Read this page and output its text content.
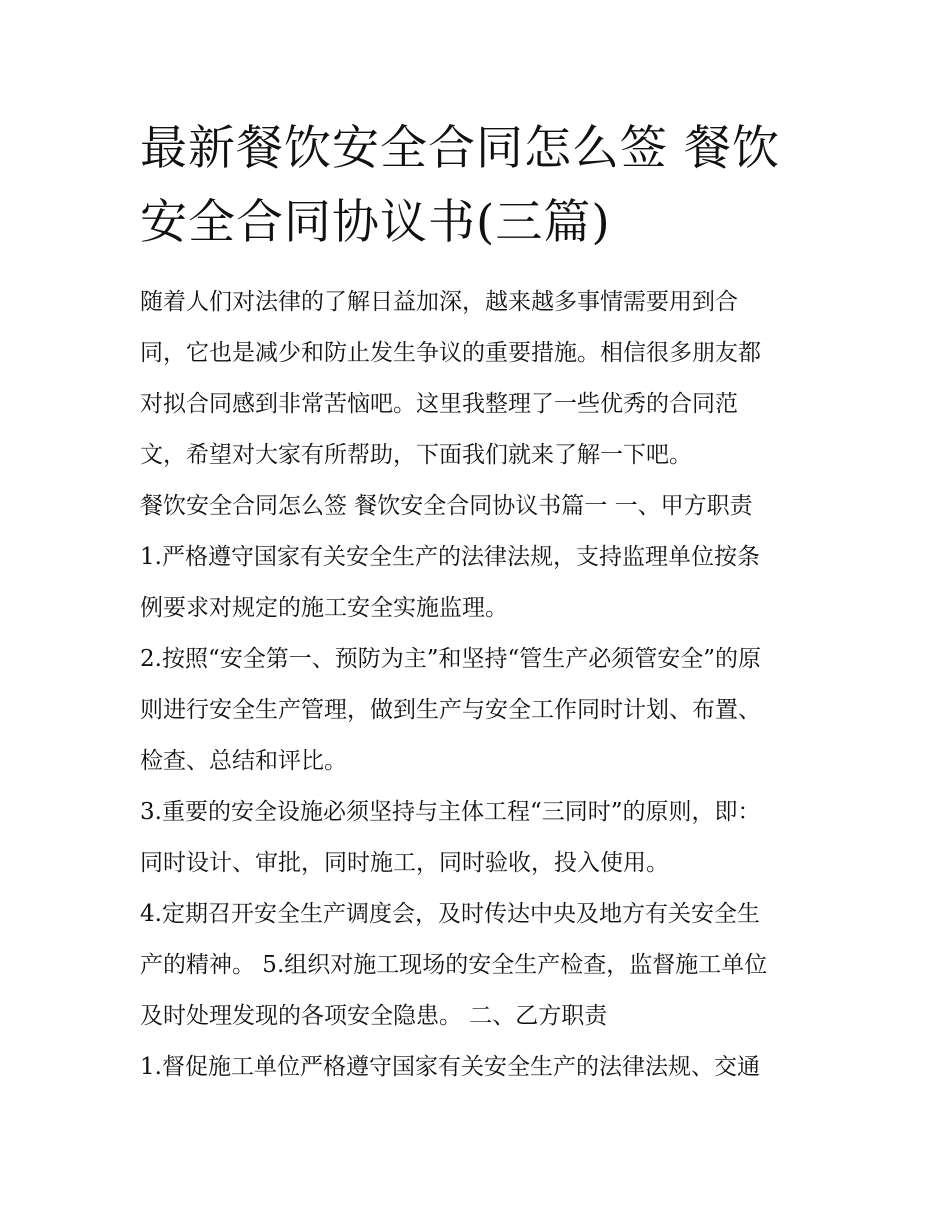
最新餐饮安全合同怎么签 餐饮
安全合同协议书(三篇)
随着人们对法律的了解日益加深，越来越多事情需要用到合
同，它也是减少和防止发生争议的重要措施。相信很多朋友都
对拟合同感到非常苦恼吧。这里我整理了一些优秀的合同范
文，希望对大家有所帮助，下面我们就来了解一下吧。
餐饮安全合同怎么签 餐饮安全合同协议书篇一 一、甲方职责
1.严格遵守国家有关安全生产的法律法规，支持监理单位按条
例要求对规定的施工安全实施监理。
2.按照“安全第一、预防为主”和坚持“管生产必须管安全”的原
则进行安全生产管理，做到生产与安全工作同时计划、布置、
检查、总结和评比。
3.重要的安全设施必须坚持与主体工程“三同时”的原则，即：
同时设计、审批，同时施工，同时验收，投入使用。
4.定期召开安全生产调度会，及时传达中央及地方有关安全生
产的精神。 5.组织对施工现场的安全生产检查，监督施工单位
及时处理发现的各项安全隐患。 二、乙方职责
1.督促施工单位严格遵守国家有关安全生产的法律法规、交通
